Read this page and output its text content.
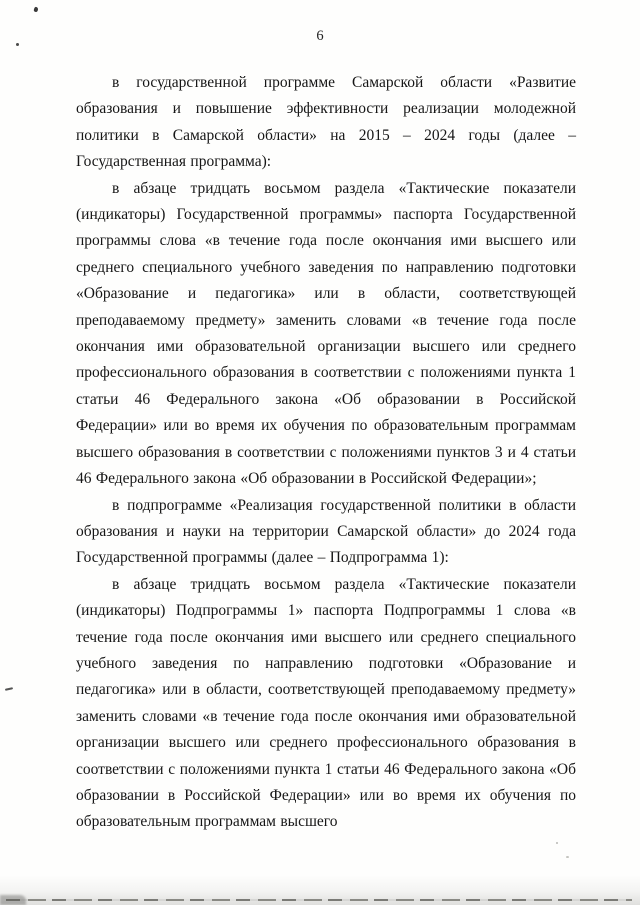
6

в государственной программе Самарской области «Развитие образования и повышение эффективности реализации молодежной политики в Самарской области» на 2015 – 2024 годы (далее – Государственная программа):

в абзаце тридцать восьмом раздела «Тактические показатели (индикаторы) Государственной программы» паспорта Государственной программы слова «в течение года после окончания ими высшего или среднего специального учебного заведения по направлению подготовки «Образование и педагогика» или в области, соответствующей преподаваемому предмету» заменить словами «в течение года после окончания ими образовательной организации высшего или среднего профессионального образования в соответствии с положениями пункта 1 статьи 46 Федерального закона «Об образовании в Российской Федерации» или во время их обучения по образовательным программам высшего образования в соответствии с положениями пунктов 3 и 4 статьи 46 Федерального закона «Об образовании в Российской Федерации»;

в подпрограмме «Реализация государственной политики в области образования и науки на территории Самарской области» до 2024 года Государственной программы (далее – Подпрограмма 1):

в абзаце тридцать восьмом раздела «Тактические показатели (индикаторы) Подпрограммы 1» паспорта Подпрограммы 1 слова «в течение года после окончания ими высшего или среднего специального учебного заведения по направлению подготовки «Образование и педагогика» или в области, соответствующей преподаваемому предмету» заменить словами «в течение года после окончания ими образовательной организации высшего или среднего профессионального образования в соответствии с положениями пункта 1 статьи 46 Федерального закона «Об образовании в Российской Федерации» или во время их обучения по образовательным программам высшего
